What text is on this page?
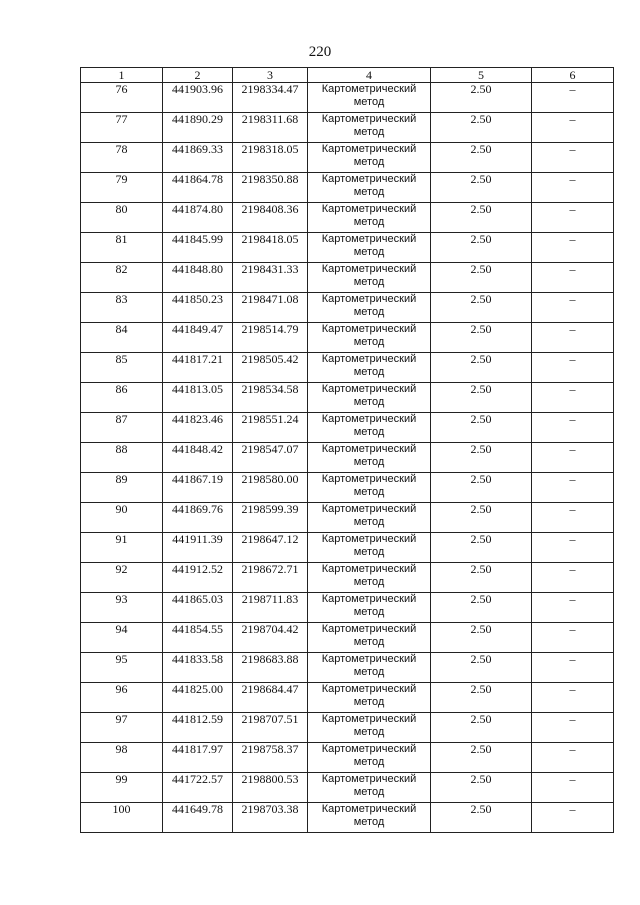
220
1	2	3	4	5	6
76	441903.96	2198334.47	Картометрический метод	2.50	–
77	441890.29	2198311.68	Картометрический метод	2.50	–
78	441869.33	2198318.05	Картометрический метод	2.50	–
79	441864.78	2198350.88	Картометрический метод	2.50	–
80	441874.80	2198408.36	Картометрический метод	2.50	–
81	441845.99	2198418.05	Картометрический метод	2.50	–
82	441848.80	2198431.33	Картометрический метод	2.50	–
83	441850.23	2198471.08	Картометрический метод	2.50	–
84	441849.47	2198514.79	Картометрический метод	2.50	–
85	441817.21	2198505.42	Картометрический метод	2.50	–
86	441813.05	2198534.58	Картометрический метод	2.50	–
87	441823.46	2198551.24	Картометрический метод	2.50	–
88	441848.42	2198547.07	Картометрический метод	2.50	–
89	441867.19	2198580.00	Картометрический метод	2.50	–
90	441869.76	2198599.39	Картометрический метод	2.50	–
91	441911.39	2198647.12	Картометрический метод	2.50	–
92	441912.52	2198672.71	Картометрический метод	2.50	–
93	441865.03	2198711.83	Картометрический метод	2.50	–
94	441854.55	2198704.42	Картометрический метод	2.50	–
95	441833.58	2198683.88	Картометрический метод	2.50	–
96	441825.00	2198684.47	Картометрический метод	2.50	–
97	441812.59	2198707.51	Картометрический метод	2.50	–
98	441817.97	2198758.37	Картометрический метод	2.50	–
99	441722.57	2198800.53	Картометрический метод	2.50	–
100	441649.78	2198703.38	Картометрический метод	2.50	–
